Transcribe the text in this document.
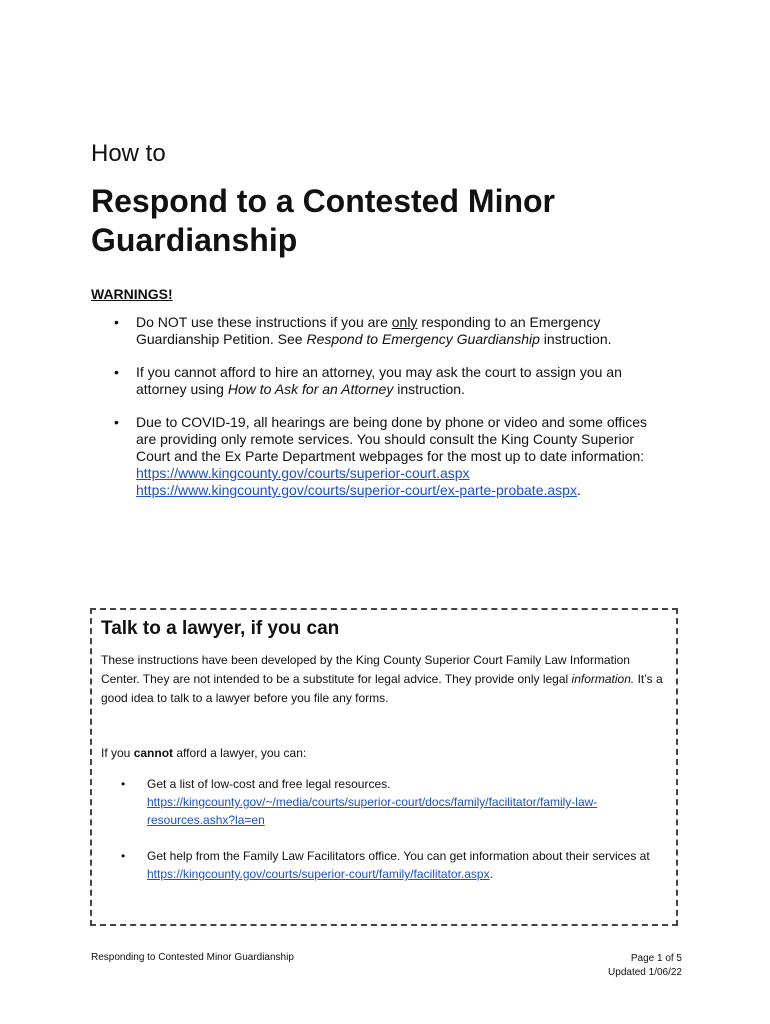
How to
Respond to a Contested Minor Guardianship
WARNINGS!
• Do NOT use these instructions if you are only responding to an Emergency Guardianship Petition. See Respond to Emergency Guardianship instruction.
• If you cannot afford to hire an attorney, you may ask the court to assign you an attorney using How to Ask for an Attorney instruction.
• Due to COVID-19, all hearings are being done by phone or video and some offices are providing only remote services. You should consult the King County Superior Court and the Ex Parte Department webpages for the most up to date information:
https://www.kingcounty.gov/courts/superior-court.aspx
https://www.kingcounty.gov/courts/superior-court/ex-parte-probate.aspx.
Talk to a lawyer, if you can

These instructions have been developed by the King County Superior Court Family Law Information Center. They are not intended to be a substitute for legal advice. They provide only legal information. It’s a good idea to talk to a lawyer before you file any forms.

If you cannot afford a lawyer, you can:

• Get a list of low-cost and free legal resources.
https://kingcounty.gov/~/media/courts/superior-court/docs/family/facilitator/family-law-resources.ashx?la=en
• Get help from the Family Law Facilitators office. You can get information about their services at https://kingcounty.gov/courts/superior-court/family/facilitator.aspx.
Responding to Contested Minor Guardianship	Page 1 of 5
Updated 1/06/22
